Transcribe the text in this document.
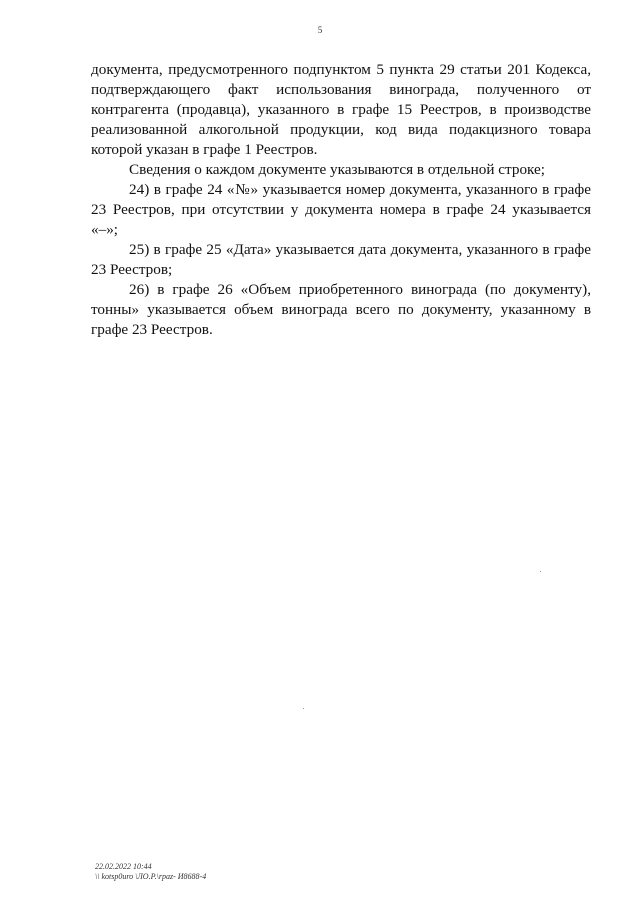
5

документа, предусмотренного подпунктом 5 пункта 29 статьи 201 Кодекса, подтверждающего факт использования винограда, полученного от контрагента (продавца), указанного в графе 15 Реестров, в производстве реализованной алкогольной продукции, код вида подакцизного товара которой указан в графе 1 Реестров.

Сведения о каждом документе указываются в отдельной строке;

24) в графе 24 «№» указывается номер документа, указанного в графе 23 Реестров, при отсутствии у документа номера в графе 24 указывается «–»;

25) в графе 25 «Дата» указывается дата документа, указанного в графе 23 Реестров;

26) в графе 26 «Объем приобретенного винограда (по документу), тонны» указывается объем винограда всего по документу, указанному в графе 23 Реестров.

22.02.2022 10:44
\\ kotsp0uro \ЛО.Р.\rpaz- И8688-4
